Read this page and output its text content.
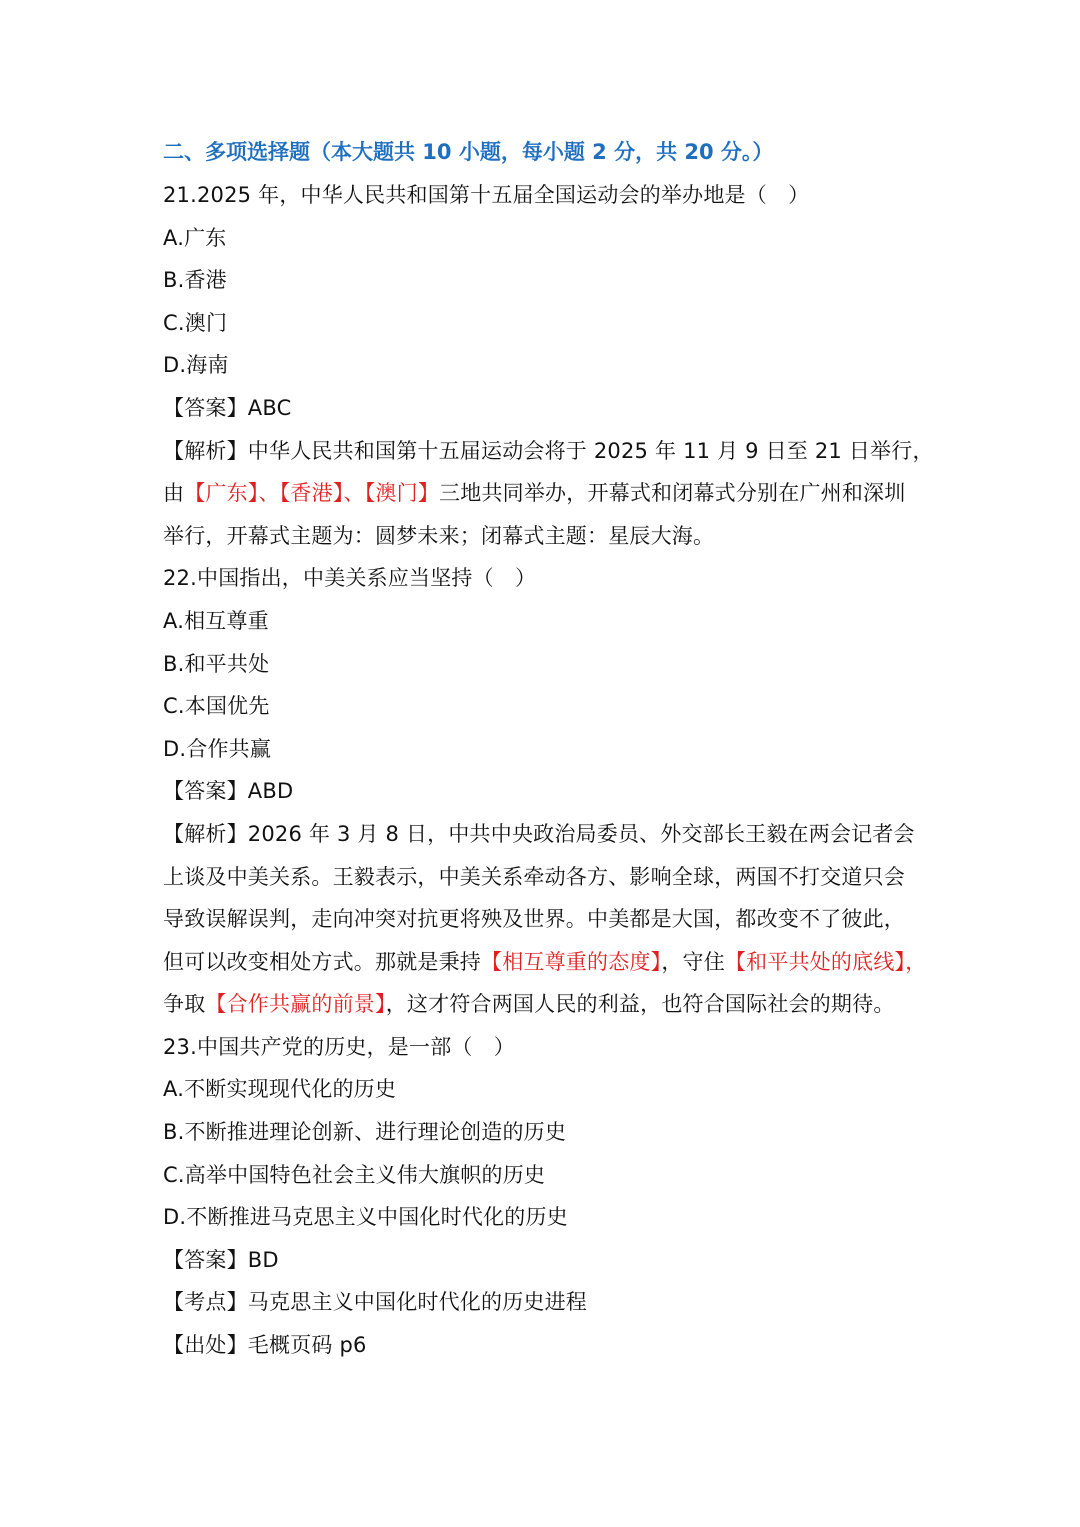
二、多项选择题（本大题共 10 小题，每小题 2 分，共 20 分。）
21.2025 年，中华人民共和国第十五届全国运动会的举办地是（　）
A.广东
B.香港
C.澳门
D.海南
【答案】ABC
【解析】中华人民共和国第十五届运动会将于 2025 年 11 月 9 日至 21 日举行，
由【广东】、【香港】、【澳门】三地共同举办，开幕式和闭幕式分别在广州和深圳
举行，开幕式主题为：圆梦未来；闭幕式主题：星辰大海。
22.中国指出，中美关系应当坚持（　）
A.相互尊重
B.和平共处
C.本国优先
D.合作共赢
【答案】ABD
【解析】2026 年 3 月 8 日，中共中央政治局委员、外交部长王毅在两会记者会
上谈及中美关系。王毅表示，中美关系牵动各方、影响全球，两国不打交道只会
导致误解误判，走向冲突对抗更将殃及世界。中美都是大国，都改变不了彼此，
但可以改变相处方式。那就是秉持【相互尊重的态度】，守住【和平共处的底线】，
争取【合作共赢的前景】，这才符合两国人民的利益，也符合国际社会的期待。
23.中国共产党的历史，是一部（　）
A.不断实现现代化的历史
B.不断推进理论创新、进行理论创造的历史
C.高举中国特色社会主义伟大旗帜的历史
D.不断推进马克思主义中国化时代化的历史
【答案】BD
【考点】马克思主义中国化时代化的历史进程
【出处】毛概页码 p6
